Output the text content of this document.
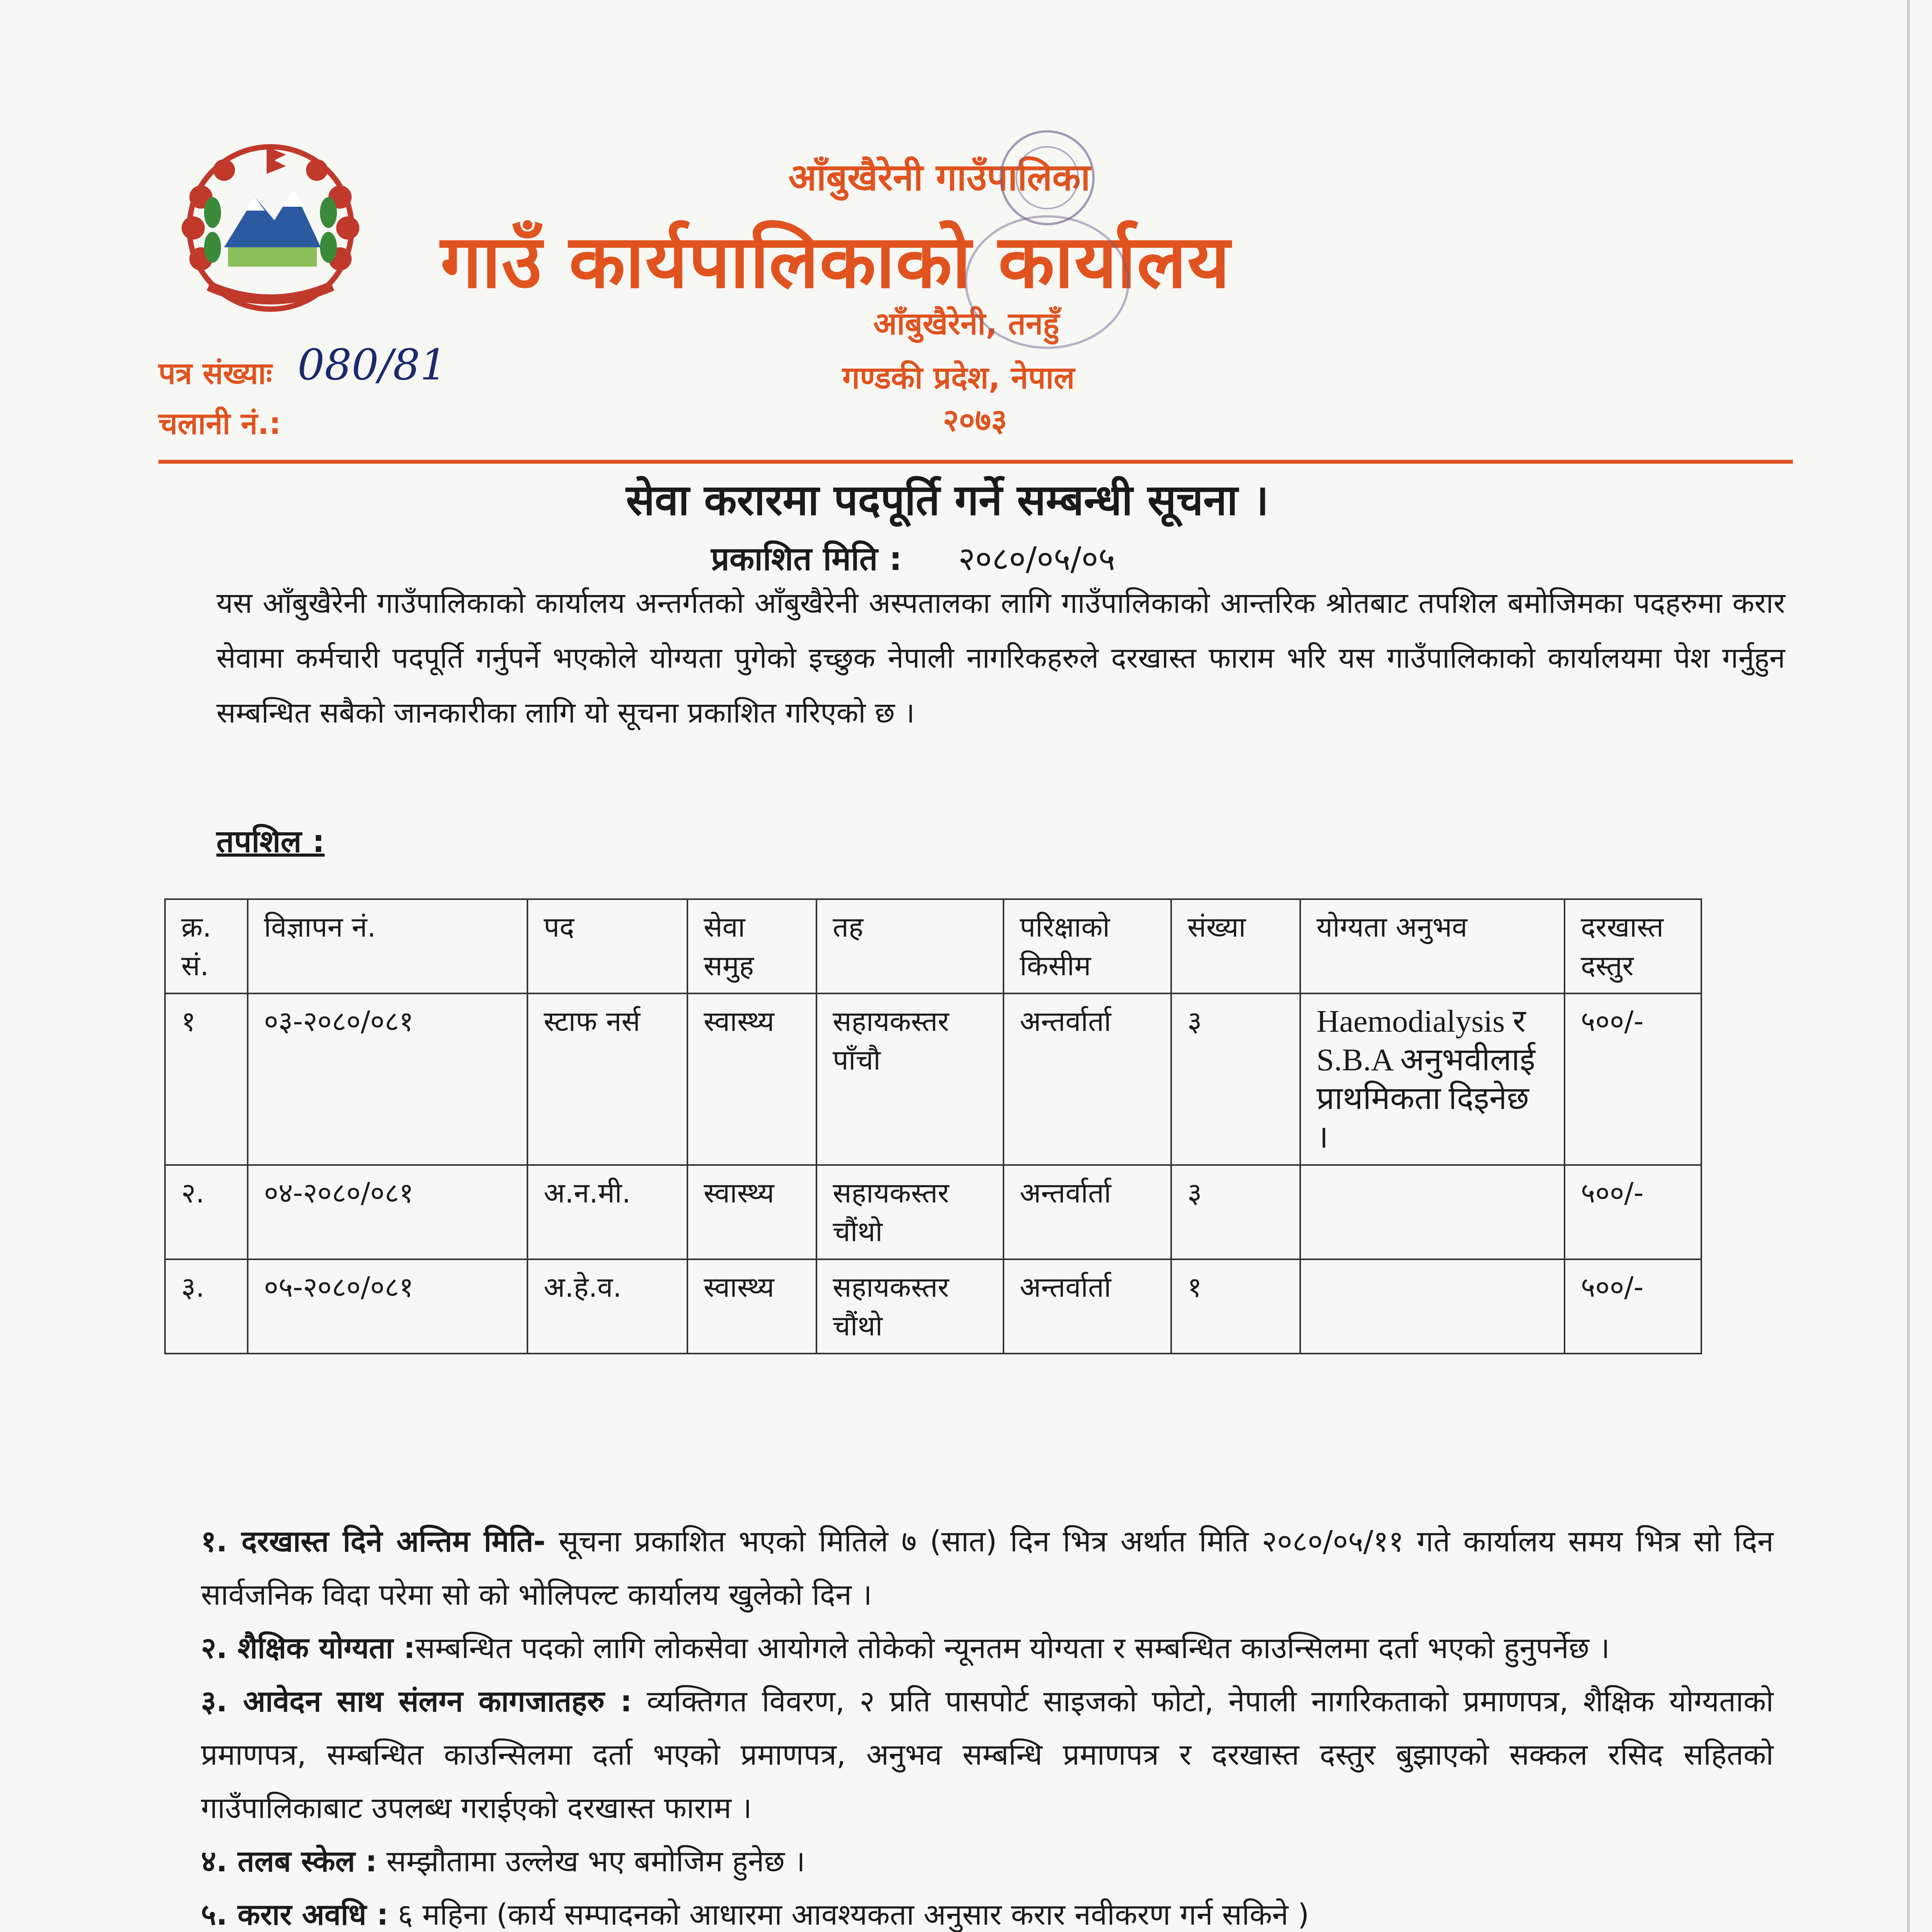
आँबुखैरेनी गाउँपालिका
गाउँ कार्यपालिकाको कार्यालय
आँबुखैरेनी, तनहुँ
गण्डकी प्रदेश, नेपाल
२०७३
पत्र संख्याः 080/81
चलानी नं.:
सेवा करारमा पदपूर्ति गर्ने सम्बन्धी सूचना ।
प्रकाशित मिति : २०८०/०५/०५
यस आँबुखैरेनी गाउँपालिकाको कार्यालय अन्तर्गतको आँबुखैरेनी अस्पतालका लागि गाउँपालिकाको आन्तरिक श्रोतबाट तपशिल बमोजिमका पदहरुमा करार सेवामा कर्मचारी पदपूर्ति गर्नुपर्ने भएकोले योग्यता पुगेको इच्छुक नेपाली नागरिकहरुले दरखास्त फाराम भरि यस गाउँपालिकाको कार्यालयमा पेश गर्नुहुन सम्बन्धित सबैको जानकारीका लागि यो सूचना प्रकाशित गरिएको छ ।
तपशिल :
क्र. सं.	विज्ञापन नं.	पद	सेवा समुह	तह	परिक्षाको किसीम	संख्या	योग्यता अनुभव	दरखास्त दस्तुर
१	०३-२०८०/०८१	स्टाफ नर्स	स्वास्थ्य	सहायकस्तर पाँचौ	अन्तर्वार्ता	३	Haemodialysis र S.B.A अनुभवीलाई प्राथमिकता दिइनेछ ।	५००/-
२.	०४-२०८०/०८१	अ.न.मी.	स्वास्थ्य	सहायकस्तर चौंथो	अन्तर्वार्ता	३		५००/-
३.	०५-२०८०/०८१	अ.हे.व.	स्वास्थ्य	सहायकस्तर चौंथो	अन्तर्वार्ता	१		५००/-

१. दरखास्त दिने अन्तिम मिति- सूचना प्रकाशित भएको मितिले ७ (सात) दिन भित्र अर्थात मिति २०८०/०५/११ गते कार्यालय समय भित्र सो दिन सार्वजनिक विदा परेमा सो को भोलिपल्ट कार्यालय खुलेको दिन ।

२. शैक्षिक योग्यता :सम्बन्धित पदको लागि लोकसेवा आयोगले तोकेको न्यूनतम योग्यता र सम्बन्धित काउन्सिलमा दर्ता भएको हुनुपर्नेछ ।

३. आवेदन साथ संलग्न कागजातहरु : व्यक्तिगत विवरण, २ प्रति पासपोर्ट साइजको फोटो, नेपाली नागरिकताको प्रमाणपत्र, शैक्षिक योग्यताको प्रमाणपत्र, सम्बन्धित काउन्सिलमा दर्ता भएको प्रमाणपत्र, अनुभव सम्बन्धि प्रमाणपत्र र दरखास्त दस्तुर बुझाएको सक्कल रसिद सहितको गाउँपालिकाबाट उपलब्ध गराईएको दरखास्त फाराम ।

४. तलब स्केल : सम्झौतामा उल्लेख भए बमोजिम हुनेछ ।

५. करार अवधि : ६ महिना (कार्य सम्पादनको आधारमा आवश्यकता अनुसार करार नवीकरण गर्न सकिने )
